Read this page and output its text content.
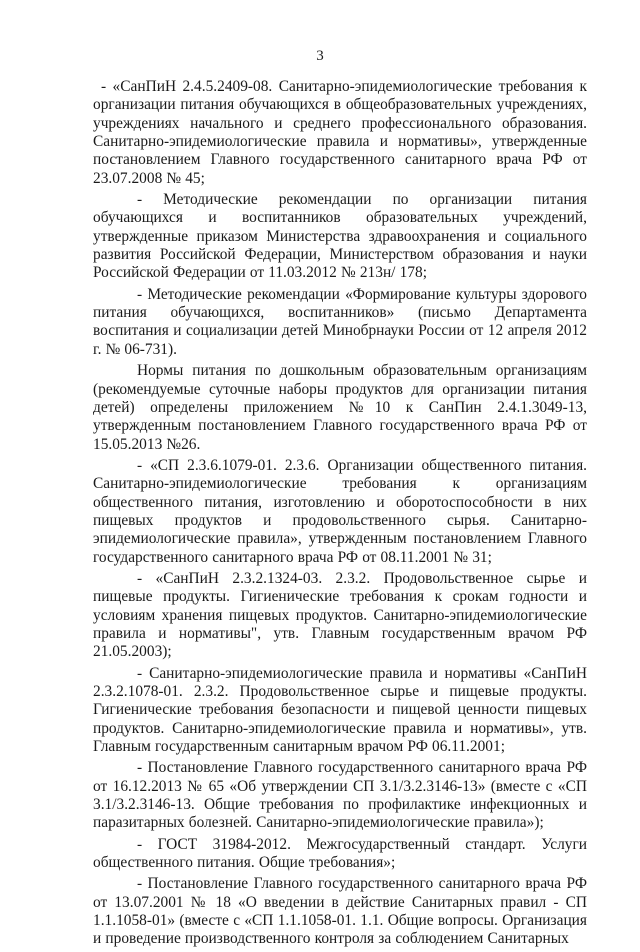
3

- «СанПиН 2.4.5.2409-08. Санитарно-эпидемиологические требования к организации питания обучающихся в общеобразовательных учреждениях, учреждениях начального и среднего профессионального образования. Санитарно-эпидемиологические правила и нормативы», утвержденные постановлением Главного государственного санитарного врача РФ от 23.07.2008 № 45;

- Методические рекомендации по организации питания обучающихся и воспитанников образовательных учреждений, утвержденные приказом Министерства здравоохранения и социального развития Российской Федерации, Министерством образования и науки Российской Федерации от 11.03.2012 № 213н/ 178;

- Методические рекомендации «Формирование культуры здорового питания обучающихся, воспитанников» (письмо Департамента воспитания и социализации детей Минобрнауки России от 12 апреля 2012 г. № 06-731).

Нормы питания по дошкольным образовательным организациям (рекомендуемые суточные наборы продуктов для организации питания детей) определены приложением №10 к СанПин 2.4.1.3049-13, утвержденным постановлением Главного государственного врача РФ от 15.05.2013 №26.

- «СП 2.3.6.1079-01. 2.3.6. Организации общественного питания. Санитарно-эпидемиологические требования к организациям общественного питания, изготовлению и оборотоспособности в них пищевых продуктов и продовольственного сырья. Санитарно-эпидемиологические правила», утвержденным постановлением Главного государственного санитарного врача РФ от 08.11.2001 № 31;

- «СанПиН 2.3.2.1324-03. 2.3.2. Продовольственное сырье и пищевые продукты. Гигиенические требования к срокам годности и условиям хранения пищевых продуктов. Санитарно-эпидемиологические правила и нормативы", утв. Главным государственным врачом РФ 21.05.2003);

- Санитарно-эпидемиологические правила и нормативы «СанПиН 2.3.2.1078-01. 2.3.2. Продовольственное сырье и пищевые продукты. Гигиенические требования безопасности и пищевой ценности пищевых продуктов. Санитарно-эпидемиологические правила и нормативы», утв. Главным государственным санитарным врачом РФ 06.11.2001;

- Постановление Главного государственного санитарного врача РФ от 16.12.2013 № 65 «Об утверждении СП 3.1/3.2.3146-13» (вместе с «СП 3.1/3.2.3146-13. Общие требования по профилактике инфекционных и паразитарных болезней. Санитарно-эпидемиологические правила»);

- ГОСТ 31984-2012. Межгосударственный стандарт. Услуги общественного питания. Общие требования»;

- Постановление Главного государственного санитарного врача РФ от 13.07.2001 № 18 «О введении в действие Санитарных правил - СП 1.1.1058-01» (вместе с «СП 1.1.1058-01. 1.1. Общие вопросы. Организация и проведение производственного контроля за соблюдением Санитарных
